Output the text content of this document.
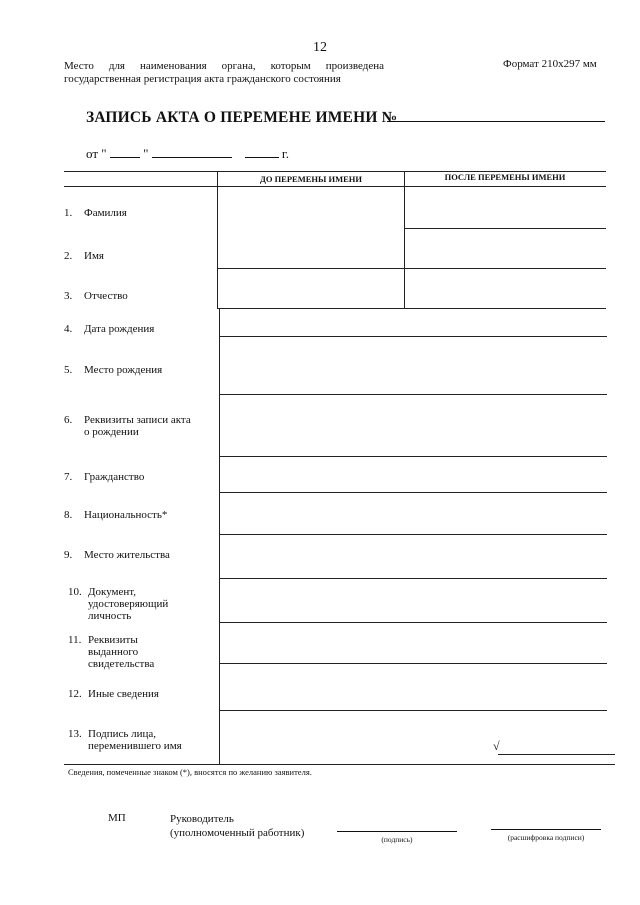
12
Место для наименования органа, которым произведена государственная регистрация акта гражданского состояния
Формат 210x297 мм
ЗАПИСЬ АКТА О ПЕРЕМЕНЕ ИМЕНИ №
от "	"	г.
ДО ПЕРЕМЕНЫ ИМЕНИ	ПОСЛЕ ПЕРЕМЕНЫ ИМЕНИ
1. Фамилия
2. Имя
3. Отчество
4. Дата рождения
5. Место рождения
6. Реквизиты записи акта о рождении
7. Гражданство
8. Национальность*
9. Место жительства
10. Документ, удостоверяющий личность
11. Реквизиты выданного свидетельства
12. Иные сведения
13. Подпись лица, переменившего имя	√
Сведения, помеченные знаком (*), вносятся по желанию заявителя.
МП	Руководитель
(уполномоченный работник)
(подпись)	(расшифровка подписи)
